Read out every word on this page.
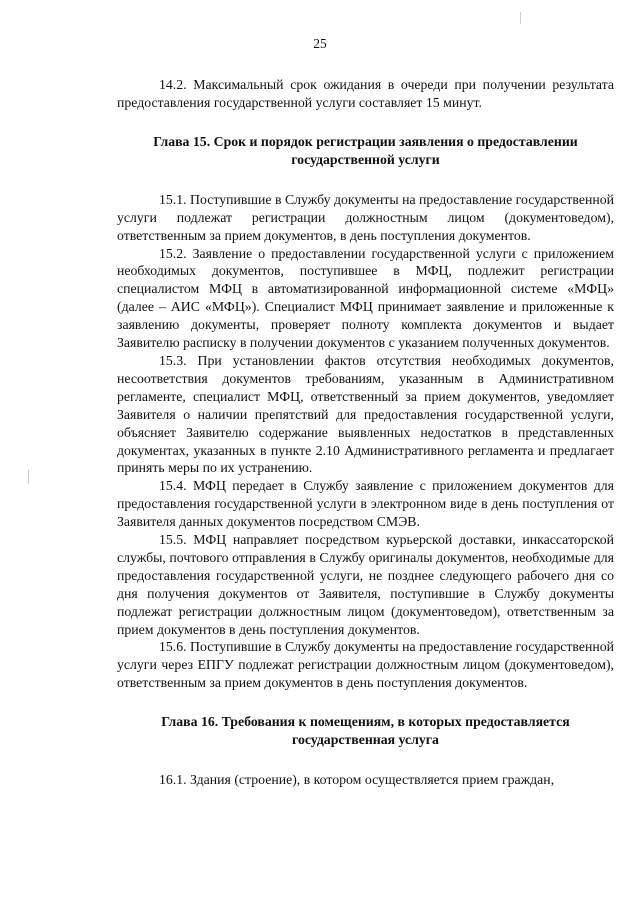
25

14.2. Максимальный срок ожидания в очереди при получении результата предоставления государственной услуги составляет 15 минут.

Глава 15. Срок и порядок регистрации заявления о предоставлении государственной услуги

15.1. Поступившие в Службу документы на предоставление государственной услуги подлежат регистрации должностным лицом (документоведом), ответственным за прием документов, в день поступления документов.

15.2. Заявление о предоставлении государственной услуги с приложением необходимых документов, поступившее в МФЦ, подлежит регистрации специалистом МФЦ в автоматизированной информационной системе «МФЦ» (далее – АИС «МФЦ»). Специалист МФЦ принимает заявление и приложенные к заявлению документы, проверяет полноту комплекта документов и выдает Заявителю расписку в получении документов с указанием полученных документов.

15.3. При установлении фактов отсутствия необходимых документов, несоответствия документов требованиям, указанным в Административном регламенте, специалист МФЦ, ответственный за прием документов, уведомляет Заявителя о наличии препятствий для предоставления государственной услуги, объясняет Заявителю содержание выявленных недостатков в представленных документах, указанных в пункте 2.10 Административного регламента и предлагает принять меры по их устранению.

15.4. МФЦ передает в Службу заявление с приложением документов для предоставления государственной услуги в электронном виде в день поступления от Заявителя данных документов посредством СМЭВ.

15.5. МФЦ направляет посредством курьерской доставки, инкассаторской службы, почтового отправления в Службу оригиналы документов, необходимые для предоставления государственной услуги, не позднее следующего рабочего дня со дня получения документов от Заявителя, поступившие в Службу документы подлежат регистрации должностным лицом (документоведом), ответственным за прием документов в день поступления документов.

15.6. Поступившие в Службу документы на предоставление государственной услуги через ЕПГУ подлежат регистрации должностным лицом (документоведом), ответственным за прием документов в день поступления документов.

Глава 16. Требования к помещениям, в которых предоставляется государственная услуга

16.1. Здания (строение), в котором осуществляется прием граждан,
